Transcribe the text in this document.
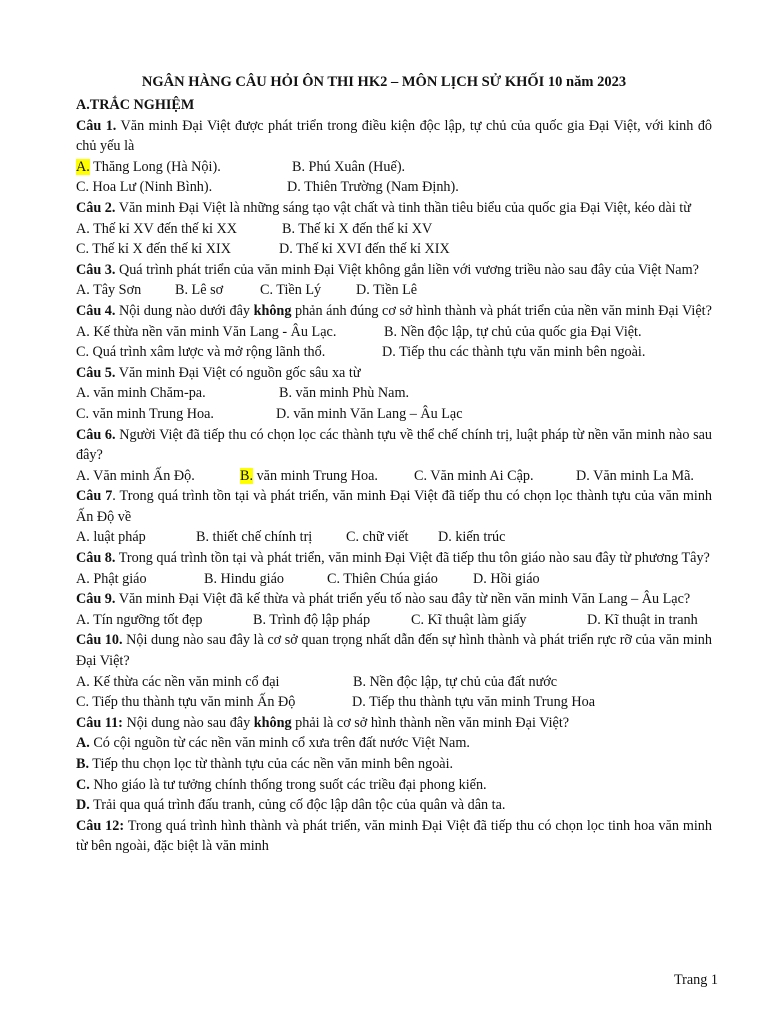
NGÂN HÀNG CÂU HỎI ÔN THI HK2 – MÔN LỊCH SỬ KHỐI 10 năm 2023
A.TRẮC NGHIỆM

Câu 1. Văn minh Đại Việt được phát triển trong điều kiện độc lập, tự chủ của quốc gia Đại Việt, với kinh đô chủ yếu là

A. Thăng Long (Hà Nội).	B. Phú Xuân (Huế).
C. Hoa Lư (Ninh Bình).	D. Thiên Trường (Nam Định).

Câu 2. Văn minh Đại Việt là những sáng tạo vật chất và tinh thần tiêu biểu của quốc gia Đại Việt, kéo dài từ

A. Thế kỉ XV đến thế kỉ XX	B. Thế kỉ X đến thế kỉ XV
C. Thế kỉ X đến thế kỉ XIX	D. Thế kỉ XVI đến thế kỉ XIX

Câu 3. Quá trình phát triển của văn minh Đại Việt không gắn liền với vương triều nào sau đây của Việt Nam?

A. Tây Sơn	B. Lê sơ	C. Tiền Lý	D. Tiền Lê

Câu 4. Nội dung nào dưới đây không phản ánh đúng cơ sở hình thành và phát triển của nền văn minh Đại Việt?

A. Kế thừa nền văn minh Văn Lang - Âu Lạc.	B. Nền độc lập, tự chủ của quốc gia Đại Việt.
C. Quá trình xâm lược và mở rộng lãnh thổ.	D. Tiếp thu các thành tựu văn minh bên ngoài.

Câu 5. Văn minh Đại Việt có nguồn gốc sâu xa từ

A. văn minh Chăm-pa.	B. văn minh Phù Nam.
C. văn minh Trung Hoa.	D. văn minh Văn Lang – Âu Lạc

Câu 6. Người Việt đã tiếp thu có chọn lọc các thành tựu về thể chế chính trị, luật pháp từ nền văn minh nào sau đây?

A. Văn minh Ấn Độ.	B. văn minh Trung Hoa.	C. Văn minh Ai Cập.	D. Văn minh La Mã.

Câu 7. Trong quá trình tồn tại và phát triển, văn minh Đại Việt đã tiếp thu có chọn lọc thành tựu của văn minh Ấn Độ về

A. luật pháp	B. thiết chế chính trị	C. chữ viết	D. kiến trúc

Câu 8. Trong quá trình tồn tại và phát triển, văn minh Đại Việt đã tiếp thu tôn giáo nào sau đây từ phương Tây?

A. Phật giáo	B. Hindu giáo	C. Thiên Chúa giáo	D. Hồi giáo

Câu 9. Văn minh Đại Việt đã kế thừa và phát triển yếu tố nào sau đây từ nền văn minh Văn Lang – Âu Lạc?

A. Tín ngưỡng tốt đẹp	B. Trình độ lập pháp	C. Kĩ thuật làm giấy	D. Kĩ thuật in tranh

Câu 10. Nội dung nào sau đây là cơ sở quan trọng nhất dẫn đến sự hình thành và phát triển rực rỡ của văn minh Đại Việt?

A. Kế thừa các nền văn minh cổ đại	B. Nền độc lập, tự chủ của đất nước
C. Tiếp thu thành tựu văn minh Ấn Độ	D. Tiếp thu thành tựu văn minh Trung Hoa

Câu 11: Nội dung nào sau đây không phải là cơ sở hình thành nền văn minh Đại Việt?

A. Có cội nguồn từ các nền văn minh cổ xưa trên đất nước Việt Nam.
B. Tiếp thu chọn lọc từ thành tựu của các nền văn minh bên ngoài.
C. Nho giáo là tư tưởng chính thống trong suốt các triều đại phong kiến.
D. Trải qua quá trình đấu tranh, củng cố độc lập dân tộc của quân và dân ta.

Câu 12: Trong quá trình hình thành và phát triển, văn minh Đại Việt đã tiếp thu có chọn lọc tinh hoa văn minh từ bên ngoài, đặc biệt là văn minh

Trang 1
